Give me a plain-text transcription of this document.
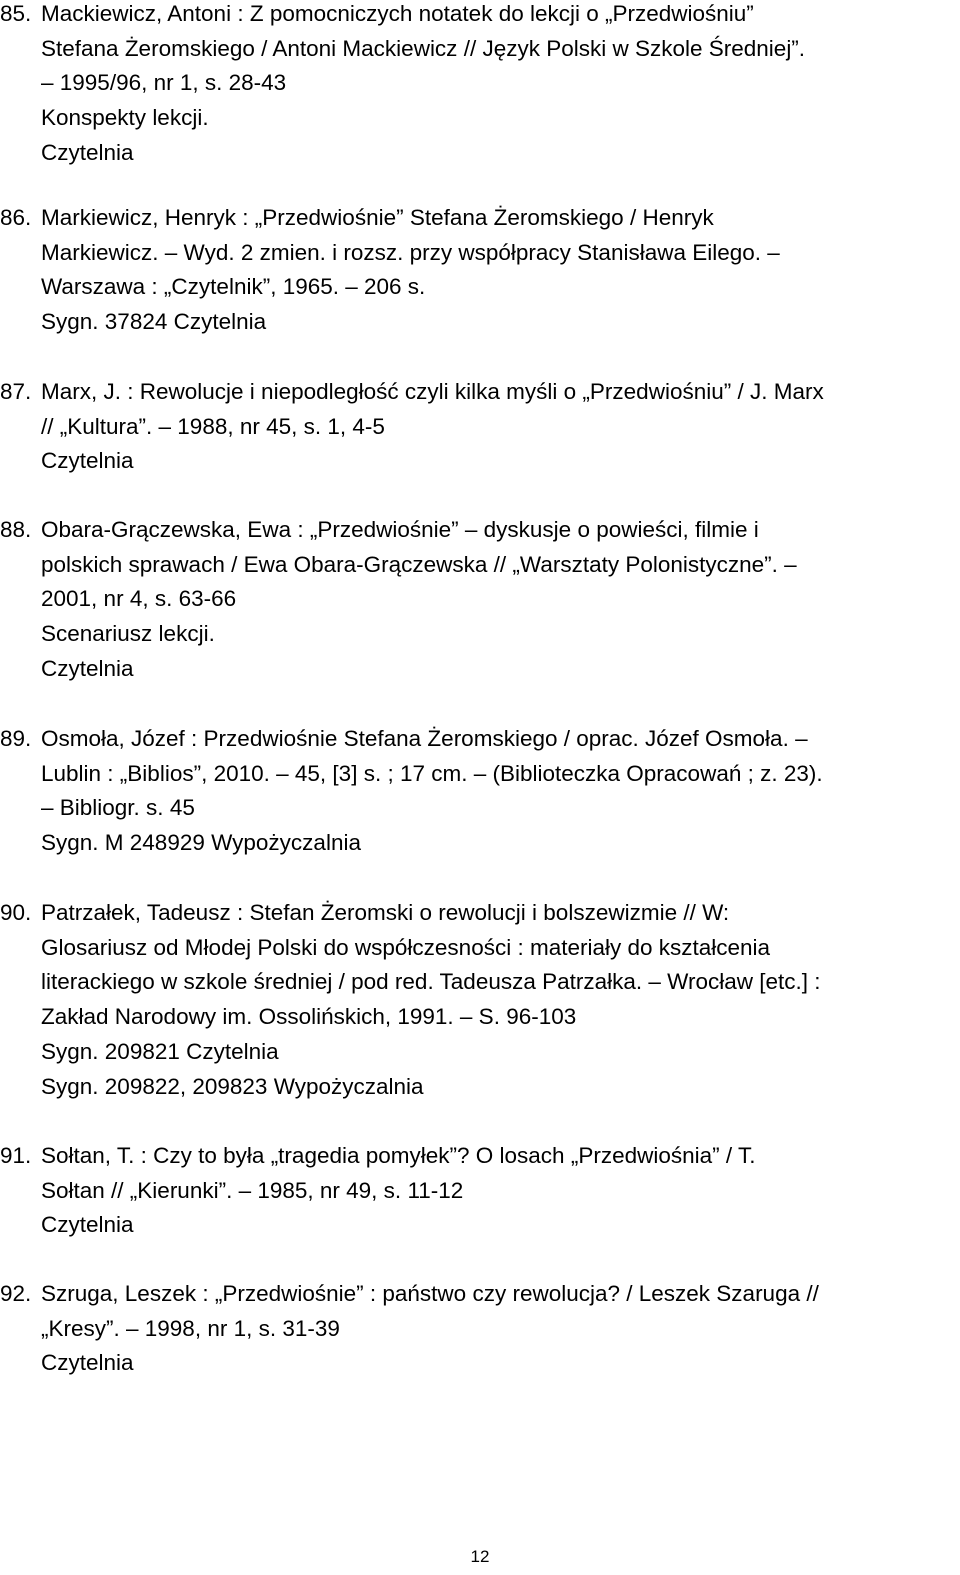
85. Mackiewicz, Antoni : Z pomocniczych notatek do lekcji o „Przedwiośniu”
Stefana Żeromskiego / Antoni Mackiewicz // Język Polski w Szkole Średniej”.
– 1995/96, nr 1, s. 28-43
Konspekty lekcji.
Czytelnia
86. Markiewicz, Henryk : „Przedwiośnie” Stefana Żeromskiego / Henryk
Markiewicz. – Wyd. 2 zmien. i rozsz. przy współpracy Stanisława Eilego. –
Warszawa : „Czytelnik”, 1965. – 206 s.
Sygn. 37824 Czytelnia
87. Marx, J. : Rewolucje i niepodległość czyli kilka myśli o „Przedwiośniu” / J. Marx
// „Kultura”. – 1988, nr 45, s. 1, 4-5
Czytelnia
88. Obara-Grączewska, Ewa : „Przedwiośnie” – dyskusje o powieści, filmie i
polskich sprawach / Ewa Obara-Grączewska // „Warsztaty Polonistyczne”. –
2001, nr 4, s. 63-66
Scenariusz lekcji.
Czytelnia
89. Osmoła, Józef : Przedwiośnie Stefana Żeromskiego / oprac. Józef Osmoła. –
Lublin : „Biblios”, 2010. – 45, [3] s. ; 17 cm. – (Biblioteczka Opracowań ; z. 23).
– Bibliogr. s. 45
Sygn. M 248929 Wypożyczalnia
90. Patrzałek, Tadeusz : Stefan Żeromski o rewolucji i bolszewizmie // W:
Glosariusz od Młodej Polski do współczesności : materiały do kształcenia
literackiego w szkole średniej / pod red. Tadeusza Patrzałka. – Wrocław [etc.] :
Zakład Narodowy im. Ossolińskich, 1991. – S. 96-103
Sygn. 209821 Czytelnia
Sygn. 209822, 209823 Wypożyczalnia
91. Sołtan, T. : Czy to była „tragedia pomyłek”? O losach „Przedwiośnia” / T.
Sołtan // „Kierunki”. – 1985, nr 49, s. 11-12
Czytelnia
92. Szruga, Leszek : „Przedwiośnie” : państwo czy rewolucja? / Leszek Szaruga //
„Kresy”. – 1998, nr 1, s. 31-39
Czytelnia
12
